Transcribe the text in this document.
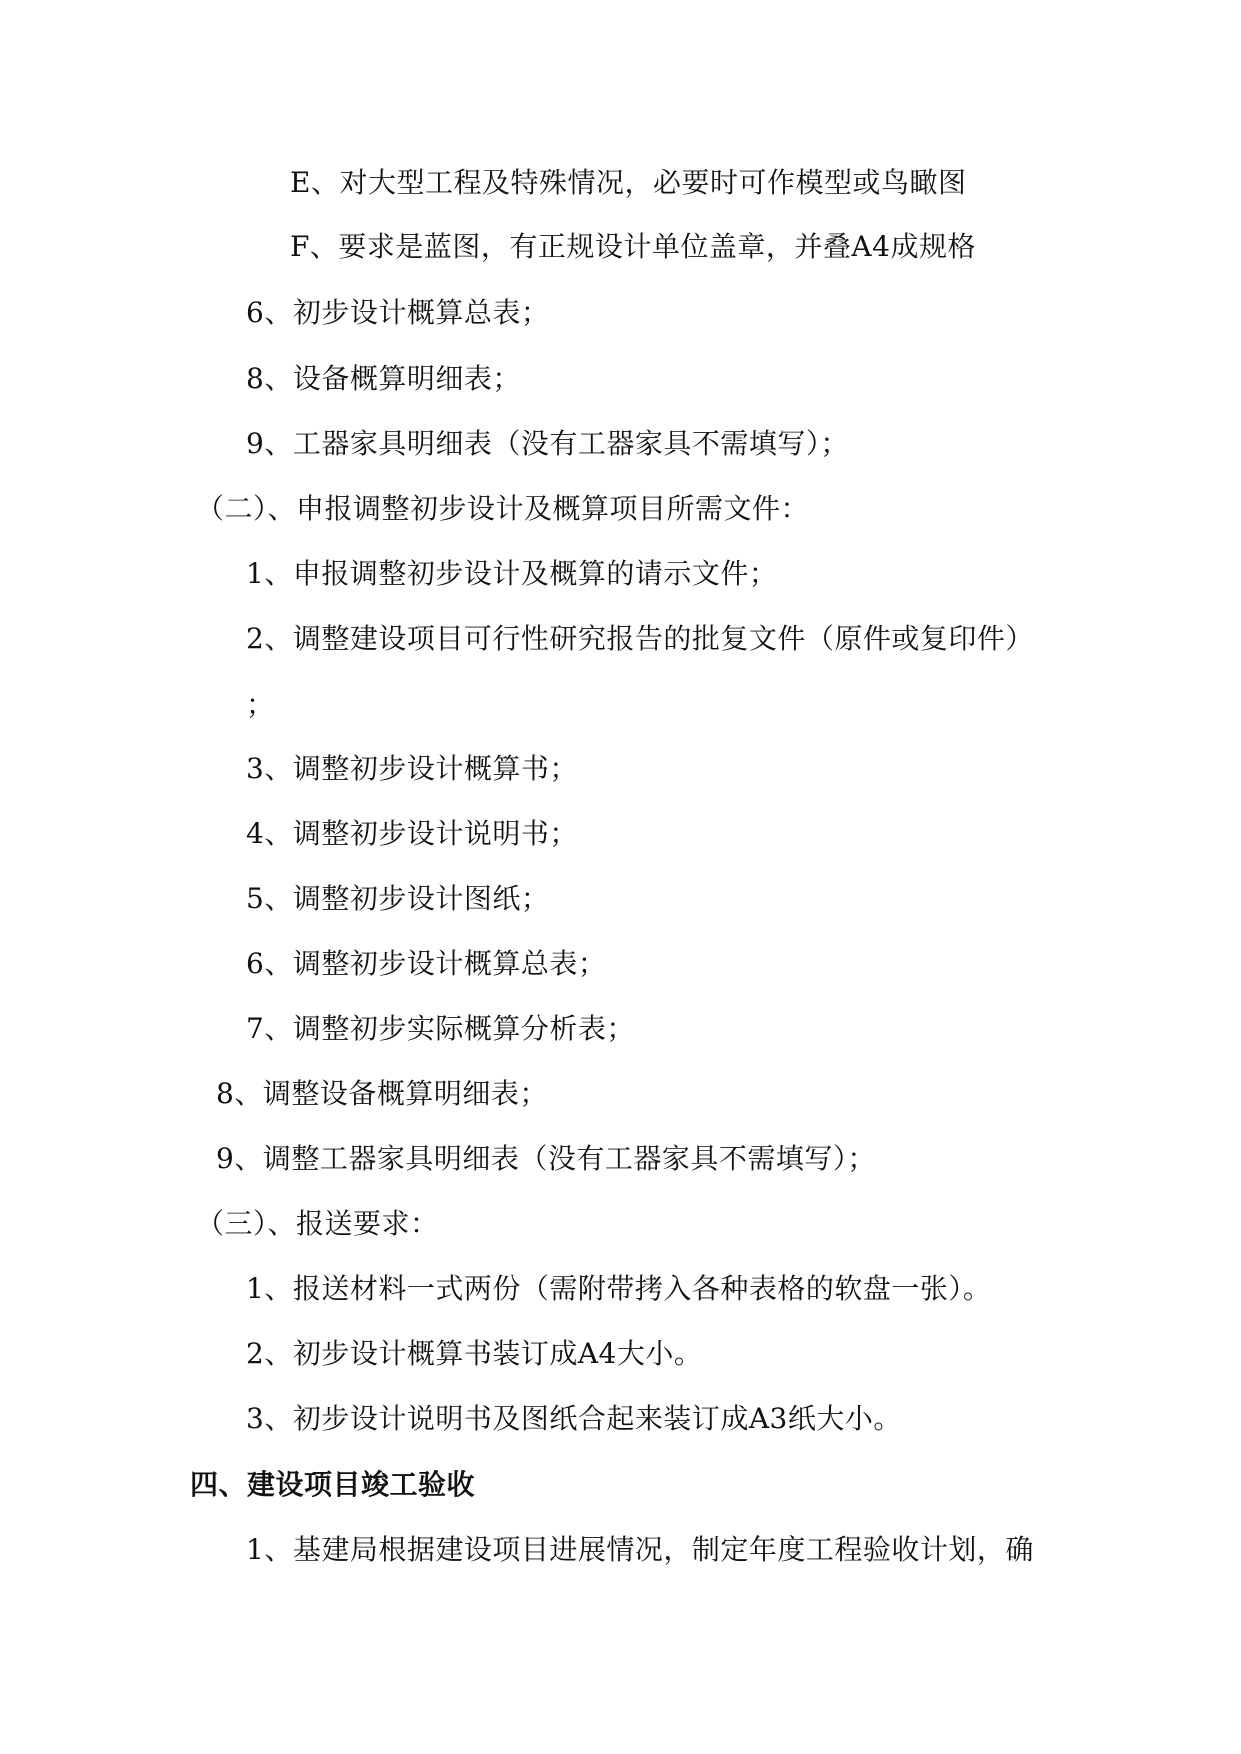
E、对大型工程及特殊情况，必要时可作模型或鸟瞰图
F、要求是蓝图，有正规设计单位盖章，并叠A4成规格
6、初步设计概算总表；
8、设备概算明细表；
9、工器家具明细表（没有工器家具不需填写）；
（二）、申报调整初步设计及概算项目所需文件：
1、申报调整初步设计及概算的请示文件；
2、调整建设项目可行性研究报告的批复文件（原件或复印件）
；
3、调整初步设计概算书；
4、调整初步设计说明书；
5、调整初步设计图纸；
6、调整初步设计概算总表；
7、调整初步实际概算分析表；
8、调整设备概算明细表；
9、调整工器家具明细表（没有工器家具不需填写）；
（三）、报送要求：
1、报送材料一式两份（需附带拷入各种表格的软盘一张）。
2、初步设计概算书装订成A4大小。
3、初步设计说明书及图纸合起来装订成A3纸大小。
四、建设项目竣工验收
1、基建局根据建设项目进展情况，制定年度工程验收计划，确
